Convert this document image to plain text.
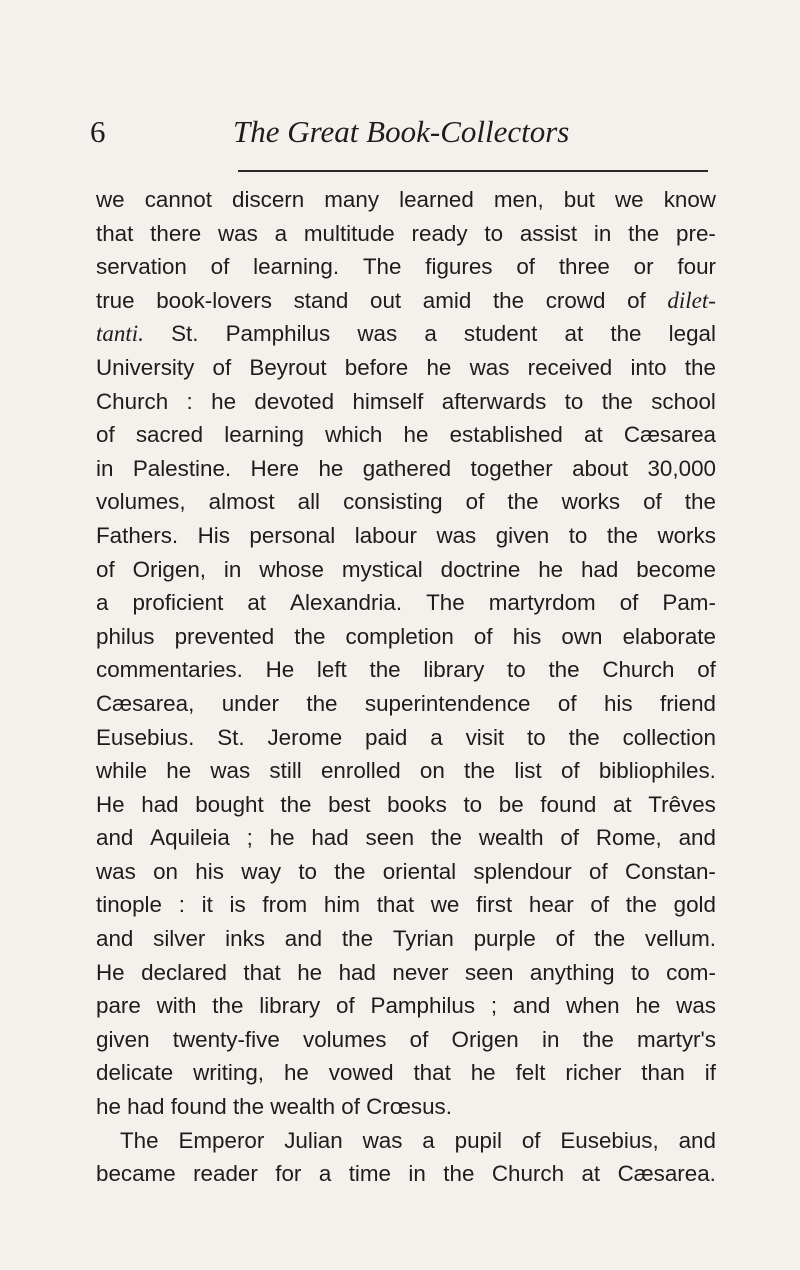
6	The Great Book-Collectors
we cannot discern many learned men, but we know
that there was a multitude ready to assist in the pre-
servation of learning. The figures of three or four
true book-lovers stand out amid the crowd of dilet-
tanti. St. Pamphilus was a student at the legal
University of Beyrout before he was received into the
Church : he devoted himself afterwards to the school
of sacred learning which he established at Cæsarea
in Palestine. Here he gathered together about 30,000
volumes, almost all consisting of the works of the
Fathers. His personal labour was given to the works
of Origen, in whose mystical doctrine he had become
a proficient at Alexandria. The martyrdom of Pam-
philus prevented the completion of his own elaborate
commentaries. He left the library to the Church of
Cæsarea, under the superintendence of his friend
Eusebius. St. Jerome paid a visit to the collection
while he was still enrolled on the list of bibliophiles.
He had bought the best books to be found at Trêves
and Aquileia ; he had seen the wealth of Rome, and
was on his way to the oriental splendour of Constan-
tinople : it is from him that we first hear of the gold
and silver inks and the Tyrian purple of the vellum.
He declared that he had never seen anything to com-
pare with the library of Pamphilus ; and when he was
given twenty-five volumes of Origen in the martyr's
delicate writing, he vowed that he felt richer than if
he had found the wealth of Crœsus.
The Emperor Julian was a pupil of Eusebius, and
became reader for a time in the Church at Cæsarea.
